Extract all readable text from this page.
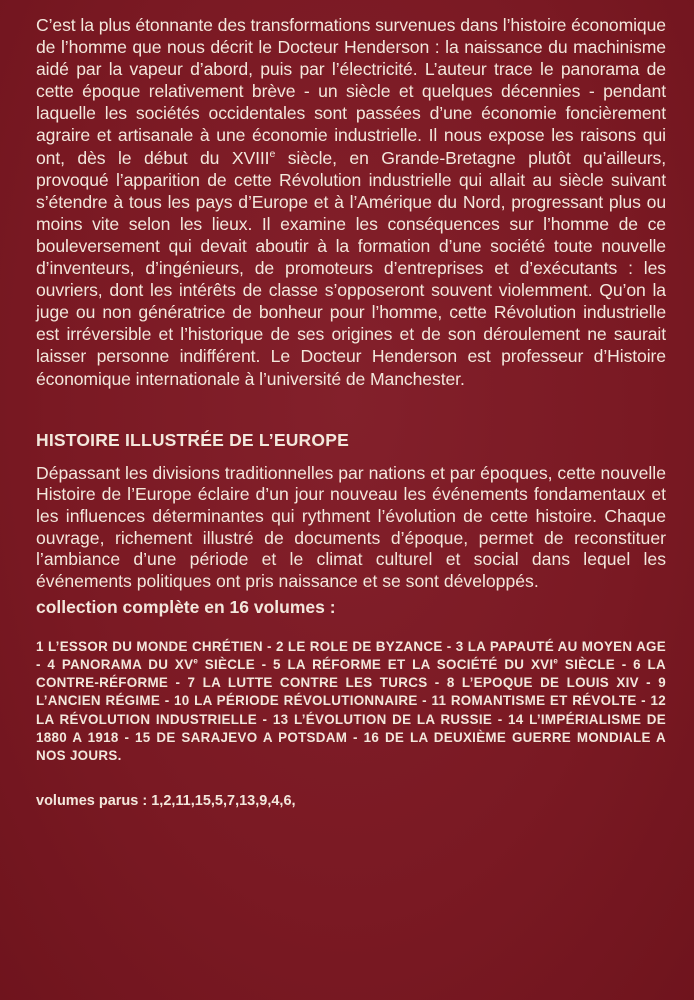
C’est la plus étonnante des transformations survenues dans l’histoire économique de l’homme que nous décrit le Docteur Henderson : la naissance du machinisme aidé par la vapeur d’abord, puis par l’électricité. L’auteur trace le panorama de cette époque relativement brève - un siècle et quelques décennies - pendant laquelle les sociétés occidentales sont passées d’une économie foncièrement agraire et artisanale à une économie industrielle. Il nous expose les raisons qui ont, dès le début du XVIIIe siècle, en Grande-Bretagne plutôt qu’ailleurs, provoqué l’apparition de cette Révolution industrielle qui allait au siècle suivant s’étendre à tous les pays d’Europe et à l’Amérique du Nord, progressant plus ou moins vite selon les lieux. Il examine les conséquences sur l’homme de ce bouleversement qui devait aboutir à la formation d’une société toute nouvelle d’inventeurs, d’ingénieurs, de promoteurs d’entreprises et d’exécutants : les ouvriers, dont les intérêts de classe s’opposeront souvent violemment. Qu’on la juge ou non génératrice de bonheur pour l’homme, cette Révolution industrielle est irréversible et l’historique de ses origines et de son déroulement ne saurait laisser personne indifférent. Le Docteur Henderson est professeur d’Histoire économique internationale à l’université de Manchester.

HISTOIRE ILLUSTRÉE DE L’EUROPE

Dépassant les divisions traditionnelles par nations et par époques, cette nouvelle Histoire de l’Europe éclaire d’un jour nouveau les événements fondamentaux et les influences déterminantes qui rythment l’évolution de cette histoire. Chaque ouvrage, richement illustré de documents d’époque, permet de reconstituer l’ambiance d’une période et le climat culturel et social dans lequel les événements politiques ont pris naissance et se sont développés.

collection complète en 16 volumes :

1 L’ESSOR DU MONDE CHRÉTIEN - 2 LE ROLE DE BYZANCE - 3 LA PAPAUTÉ AU MOYEN AGE - 4 PANORAMA DU XVe SIÈCLE - 5 LA RÉFORME ET LA SOCIÉTÉ DU XVIe SIÈCLE - 6 LA CONTRE-RÉFORME - 7 LA LUTTE CONTRE LES TURCS - 8 L’EPOQUE DE LOUIS XIV - 9 L’ANCIEN RÉGIME - 10 LA PÉRIODE RÉVOLUTIONNAIRE - 11 ROMANTISME ET RÉVOLTE - 12 LA RÉVOLUTION INDUSTRIELLE - 13 L’ÉVOLUTION DE LA RUSSIE - 14 L’IMPÉRIALISME DE 1880 A 1918 - 15 DE SARAJEVO A POTSDAM - 16 DE LA DEUXIÈME GUERRE MONDIALE A NOS JOURS.

volumes parus : 1,2,11,15,5,7,13,9,4,6,
